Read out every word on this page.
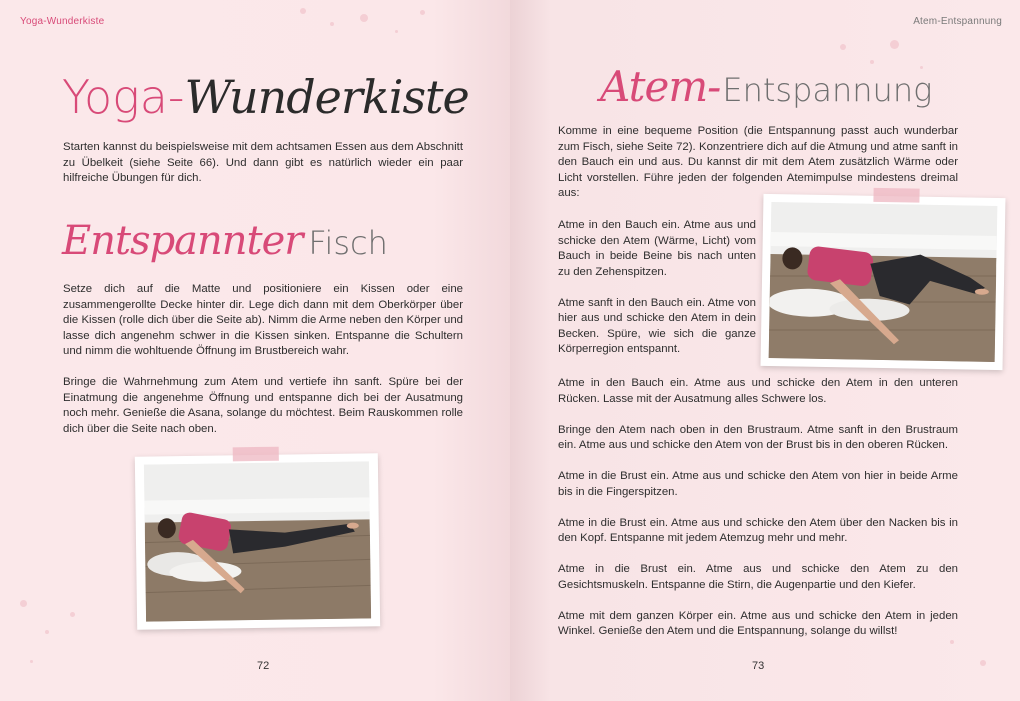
Yoga-Wunderkiste
Yoga- Wunderkiste

Starten kannst du beispielsweise mit dem achtsamen Essen aus dem Abschnitt zu Übelkeit (siehe Seite 66). Und dann gibt es natürlich wieder ein paar hilfreiche Übungen für dich.

Entspannter Fisch

Setze dich auf die Matte und positioniere ein Kissen oder eine zusammengerollte Decke hinter dir. Lege dich dann mit dem Oberkörper über die Kissen (rolle dich über die Seite ab). Nimm die Arme neben den Körper und lasse dich angenehm schwer in die Kissen sinken. Entspanne die Schultern und nimm die wohltuende Öffnung im Brustbereich wahr.

Bringe die Wahrnehmung zum Atem und vertiefe ihn sanft. Spüre bei der Einatmung die angenehme Öffnung und entspanne dich bei der Ausatmung noch mehr. Genieße die Asana, solange du möchtest. Beim Rauskommen rolle dich über die Seite nach oben.

72
Atem-Entspannung
Atem- Entspannung

Komme in eine bequeme Position (die Entspannung passt auch wunderbar zum Fisch, siehe Seite 72). Konzentriere dich auf die Atmung und atme sanft in den Bauch ein und aus. Du kannst dir mit dem Atem zusätzlich Wärme oder Licht vorstellen. Führe jeden der folgenden Atemimpulse mindestens dreimal aus:

Atme in den Bauch ein. Atme aus und schicke den Atem (Wärme, Licht) vom Bauch in beide Beine bis nach unten zu den Zehenspitzen.

Atme sanft in den Bauch ein. Atme von hier aus und schicke den Atem in dein Becken. Spüre, wie sich die ganze Körperregion entspannt.

Atme in den Bauch ein. Atme aus und schicke den Atem in den unteren Rücken. Lasse mit der Ausatmung alles Schwere los.

Bringe den Atem nach oben in den Brustraum. Atme sanft in den Brustraum ein. Atme aus und schicke den Atem von der Brust bis in den oberen Rücken.

Atme in die Brust ein. Atme aus und schicke den Atem von hier in beide Arme bis in die Fingerspitzen.

Atme in die Brust ein. Atme aus und schicke den Atem über den Nacken bis in den Kopf. Entspanne mit jedem Atemzug mehr und mehr.

Atme in die Brust ein. Atme aus und schicke den Atem zu den Gesichtsmuskeln. Entspanne die Stirn, die Augenpartie und den Kiefer.

Atme mit dem ganzen Körper ein. Atme aus und schicke den Atem in jeden Winkel. Genieße den Atem und die Entspannung, solange du willst!

73
